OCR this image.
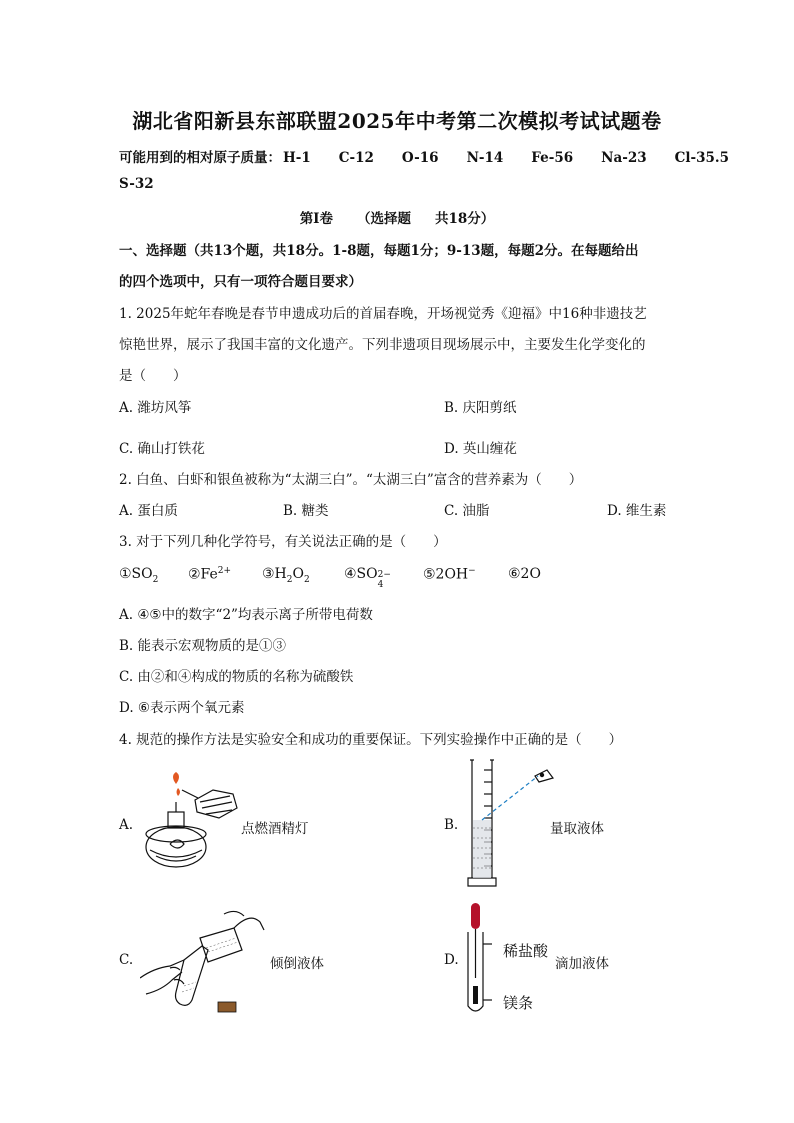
湖北省阳新县东部联盟2025年中考第二次模拟考试试题卷
可能用到的相对原子质量： H-1 C-12 O-16 N-14 Fe-56 Na-23 Cl-35.5
S-32
第Ⅰ卷 （选择题 共18分）
一、选择题（共13个题，共18分。1-8题，每题1分；9-13题，每题2分。在每题给出
的四个选项中，只有一项符合题目要求）
1. 2025年蛇年春晚是春节申遗成功后的首届春晚，开场视觉秀《迎福》中16种非遗技艺
惊艳世界，展示了我国丰富的文化遗产。下列非遗项目现场展示中，主要发生化学变化的
是（　　）
A. 潍坊风筝	B. 庆阳剪纸
C. 确山打铁花	D. 英山缠花
2. 白鱼、白虾和银鱼被称为“太湖三白”。“太湖三白”富含的营养素为（　　）
A. 蛋白质	B. 糖类	C. 油脂	D. 维生素
3. 对于下列几种化学符号，有关说法正确的是（　　）
$①SO_2$ $②Fe^{2+}$ $③H_2O_2$ ④SO 2−
4
⑤2OH− ⑥2O
A. ④⑤中的数字“2”均表示离子所带电荷数
B. 能表示宏观物质的是①③
C. 由②和④构成的物质的名称为硫酸铁
D. ⑥表示两个氧元素
4. 规范的操作方法是实验安全和成功的重要保证。下列实验操作中正确的是（　　）
A.	点燃酒精灯	B.	量取液体
C.	倾倒液体	D.	稀盐酸
镁条
滴加液体
